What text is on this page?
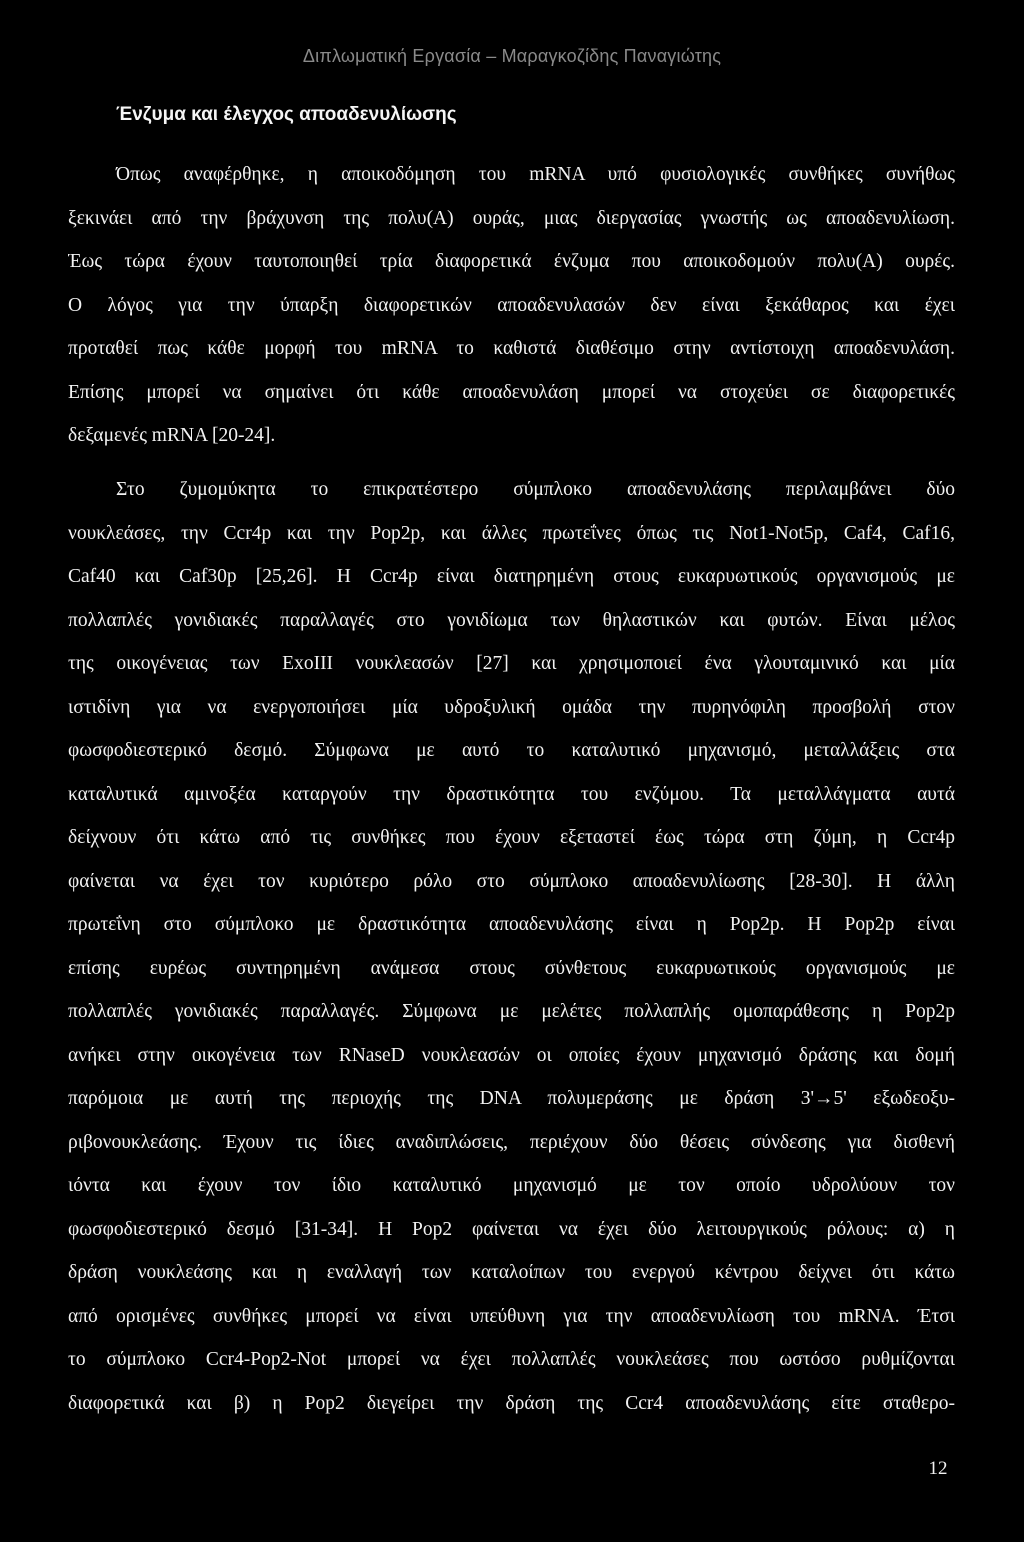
Διπλωματική Εργασία – Μαραγκοζίδης Παναγιώτης
Ένζυμα και έλεγχος αποαδενυλίωσης
Όπως αναφέρθηκε, η αποικοδόμηση του mRNA υπό φυσιολογικές συνθήκες συνήθως
ξεκινάει από την βράχυνση της πολυ(A) ουράς, μιας διεργασίας γνωστής ως αποαδενυλίωση.
Έως τώρα έχουν ταυτοποιηθεί τρία διαφορετικά ένζυμα που αποικοδομούν πολυ(A) ουρές.
Ο λόγος για την ύπαρξη διαφορετικών αποαδενυλασών δεν είναι ξεκάθαρος και έχει
προταθεί πως κάθε μορφή του mRNA το καθιστά διαθέσιμο στην αντίστοιχη αποαδενυλάση.
Επίσης μπορεί να σημαίνει ότι κάθε αποαδενυλάση μπορεί να στοχεύει σε διαφορετικές
δεξαμενές mRNA [20-24].
Στο ζυμομύκητα το επικρατέστερο σύμπλοκο αποαδενυλάσης περιλαμβάνει δύο
νουκλεάσες, την Ccr4p και την Pop2p, και άλλες πρωτεΐνες όπως τις Not1-Not5p, Caf4, Caf16,
Caf40 και Caf30p [25,26]. Η Ccr4p είναι διατηρημένη στους ευκαρυωτικούς οργανισμούς με
πολλαπλές γονιδιακές παραλλαγές στο γονιδίωμα των θηλαστικών και φυτών. Είναι μέλος
της οικογένειας των ExoIII νουκλεασών [27] και χρησιμοποιεί ένα γλουταμινικό και μία
ιστιδίνη για να ενεργοποιήσει μία υδροξυλική ομάδα την πυρηνόφιλη προσβολή στον
φωσφοδιεστερικό δεσμό. Σύμφωνα με αυτό το καταλυτικό μηχανισμό, μεταλλάξεις στα
καταλυτικά αμινοξέα καταργούν την δραστικότητα του ενζύμου. Τα μεταλλάγματα αυτά
δείχνουν ότι κάτω από τις συνθήκες που έχουν εξεταστεί έως τώρα στη ζύμη, η Ccr4p
φαίνεται να έχει τον κυριότερο ρόλο στο σύμπλοκο αποαδενυλίωσης [28-30]. Η άλλη
πρωτεΐνη στο σύμπλοκο με δραστικότητα αποαδενυλάσης είναι η Pop2p. Η Pop2p είναι
επίσης ευρέως συντηρημένη ανάμεσα στους σύνθετους ευκαρυωτικούς οργανισμούς με
πολλαπλές γονιδιακές παραλλαγές. Σύμφωνα με μελέτες πολλαπλής ομοπαράθεσης η Pop2p
ανήκει στην οικογένεια των RNaseD νουκλεασών οι οποίες έχουν μηχανισμό δράσης και δομή
παρόμοια με αυτή της περιοχής της DNA πολυμεράσης με δράση 3'→5' εξωδεοξυ-
ριβονουκλεάσης. Έχουν τις ίδιες αναδιπλώσεις, περιέχουν δύο θέσεις σύνδεσης για δισθενή
ιόντα και έχουν τον ίδιο καταλυτικό μηχανισμό με τον οποίο υδρολύουν τον
φωσφοδιεστερικό δεσμό [31-34]. Η Pop2 φαίνεται να έχει δύο λειτουργικούς ρόλους: α) η
δράση νουκλεάσης και η εναλλαγή των καταλοίπων του ενεργού κέντρου δείχνει ότι κάτω
από ορισμένες συνθήκες μπορεί να είναι υπεύθυνη για την αποαδενυλίωση του mRNA. Έτσι
το σύμπλοκο Ccr4-Pop2-Not μπορεί να έχει πολλαπλές νουκλεάσες που ωστόσο ρυθμίζονται
διαφορετικά και β) η Pop2 διεγείρει την δράση της Ccr4 αποαδενυλάσης είτε σταθερο-
12
